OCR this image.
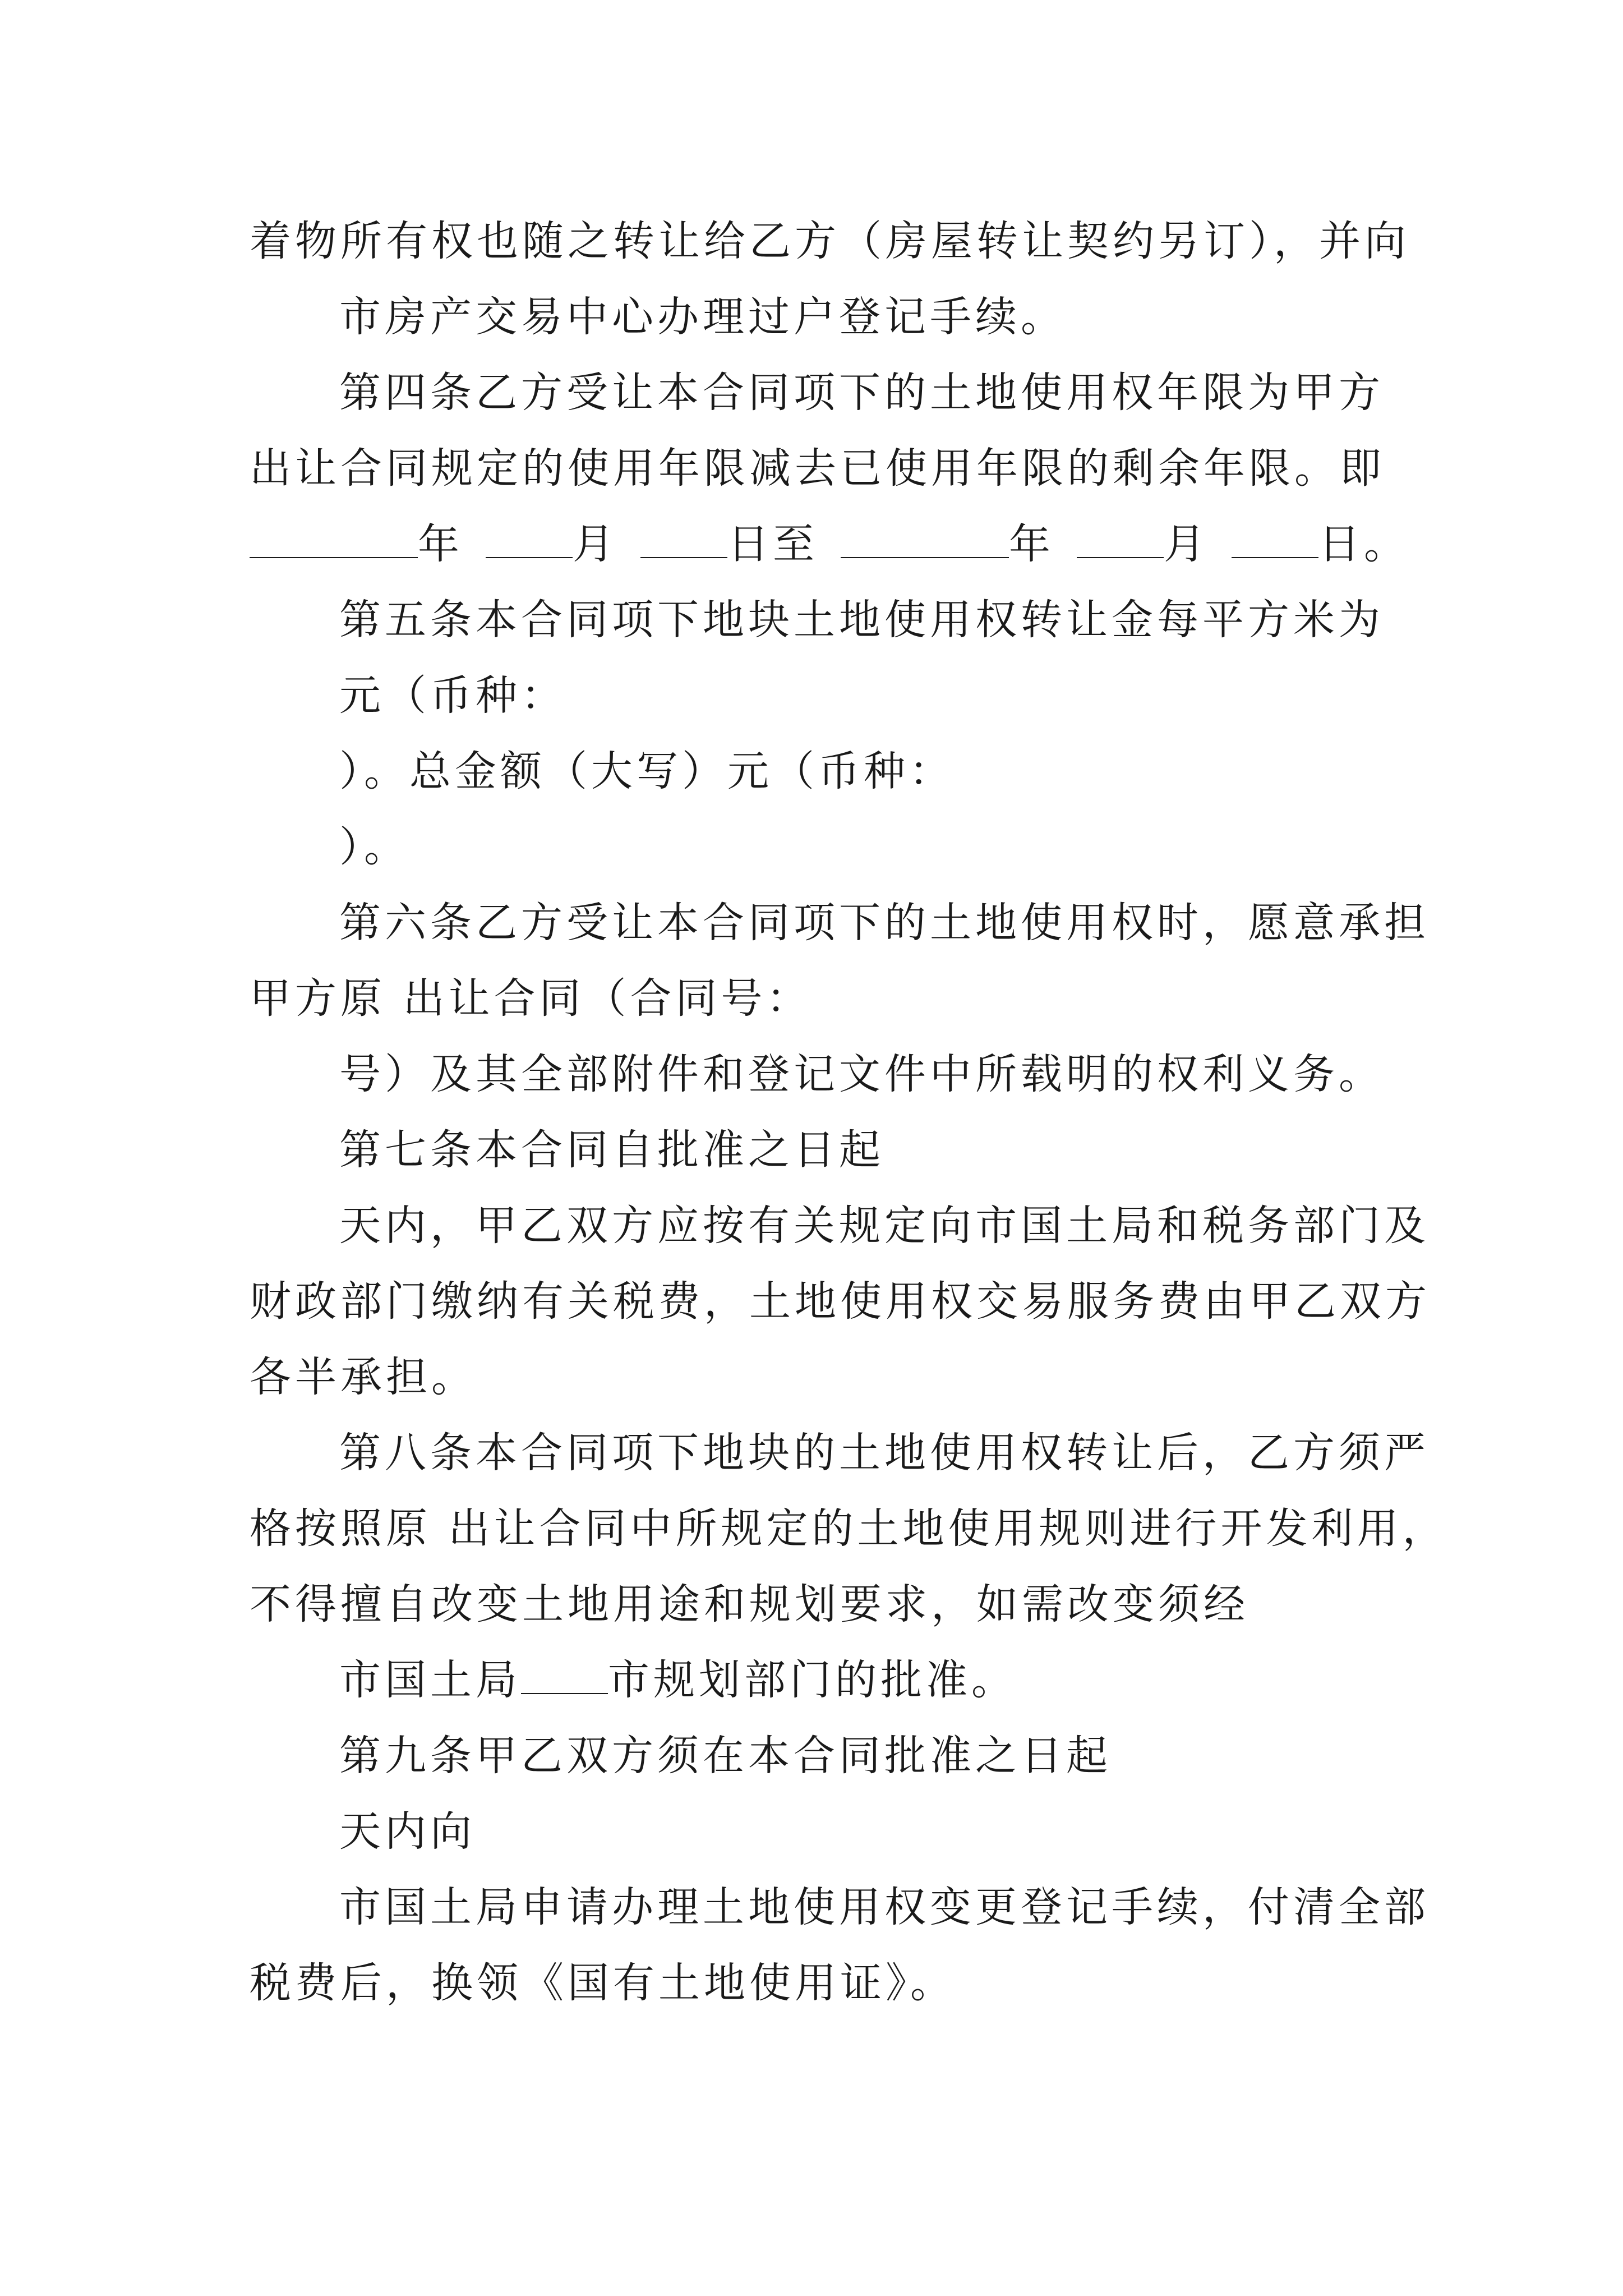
着物所有权也随之转让给乙方（房屋转让契约另订），并向
市房产交易中心办理过户登记手续。
第四条乙方受让本合同项下的土地使用权年限为甲方
出让合同规定的使用年限减去已使用年限的剩余年限。即
年	月	日至	年	月	日。
第五条本合同项下地块土地使用权转让金每平方米为
元（币种：
）。总金额（大写）元（币种：
）。
第六条乙方受让本合同项下的土地使用权时，愿意承担
甲方原 出让合同（合同号：
号）及其全部附件和登记文件中所载明的权利义务。
第七条本合同自批准之日起
天内，甲乙双方应按有关规定向市国土局和税务部门及
财政部门缴纳有关税费，土地使用权交易服务费由甲乙双方
各半承担。
第八条本合同项下地块的土地使用权转让后，乙方须严
格按照原 出让合同中所规定的土地使用规则进行开发利用，
不得擅自改变土地用途和规划要求，如需改变须经
市国土局 市规划部门的批准。
第九条甲乙双方须在本合同批准之日起
天内向
市国土局申请办理土地使用权变更登记手续，付清全部
税费后，换领《国有土地使用证》。
